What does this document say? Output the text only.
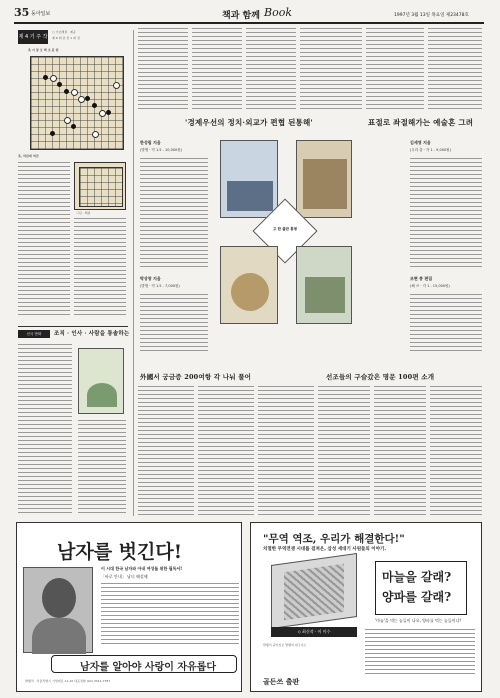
35 동아일보	책과 함께 Book	1997년 3월 13일 목요일 제23478호
제 4 기 주 작
○ 기보해설 · 제공
제 6 회 본 선 1 회 전
흑 이 창 호 백 조 훈 현
흑, 막판에 역전
그림 · 해설
신국 만화	조직 · 인사 · 사람을 통솔하는
'경제우선의 정치·외교가 편협 된통해'	표절로 좌절해가는 예술혼 그려
한성림 지음
(발행 · 약 1.5 - 10,000원)
고 한 출판 통평
김세영 지음
(우리 출 · 각 1 - 9,000원)
박상창 지음
(발행 · 약 1.5 - 7,000원)
조현 종 편집
(해 쓰 · 각 1 - 15,000원)
外國서 궁금증 200여항 각 나눠 풀어	선조들의 구슬갔은 명문 100편 소개
남자를 벗긴다!
이 시대 한국 남자와 아내 여성들 위한 필독서!
「바로 안내」 남녀 해설에
남자를 알아야 사랑이 자유롭다
발행처 · 서울특별시 기업대로 11-10 대표전화 (02) 3411-7787
"무역 역조, 우리가 해결한다!"
치열한 무역전쟁 시대를 걸쳐온, 삼성 세대기 사원들의 이야기.
◇ 최신작 · 이 이수
마늘을 갈래?
양파를 갈래?
'마늘'을 먹는 놈들이 나오, 양파를 먹는 놈들이냐!
발행처 중앙일보 발행처 대구지소
골든쓰 출판
